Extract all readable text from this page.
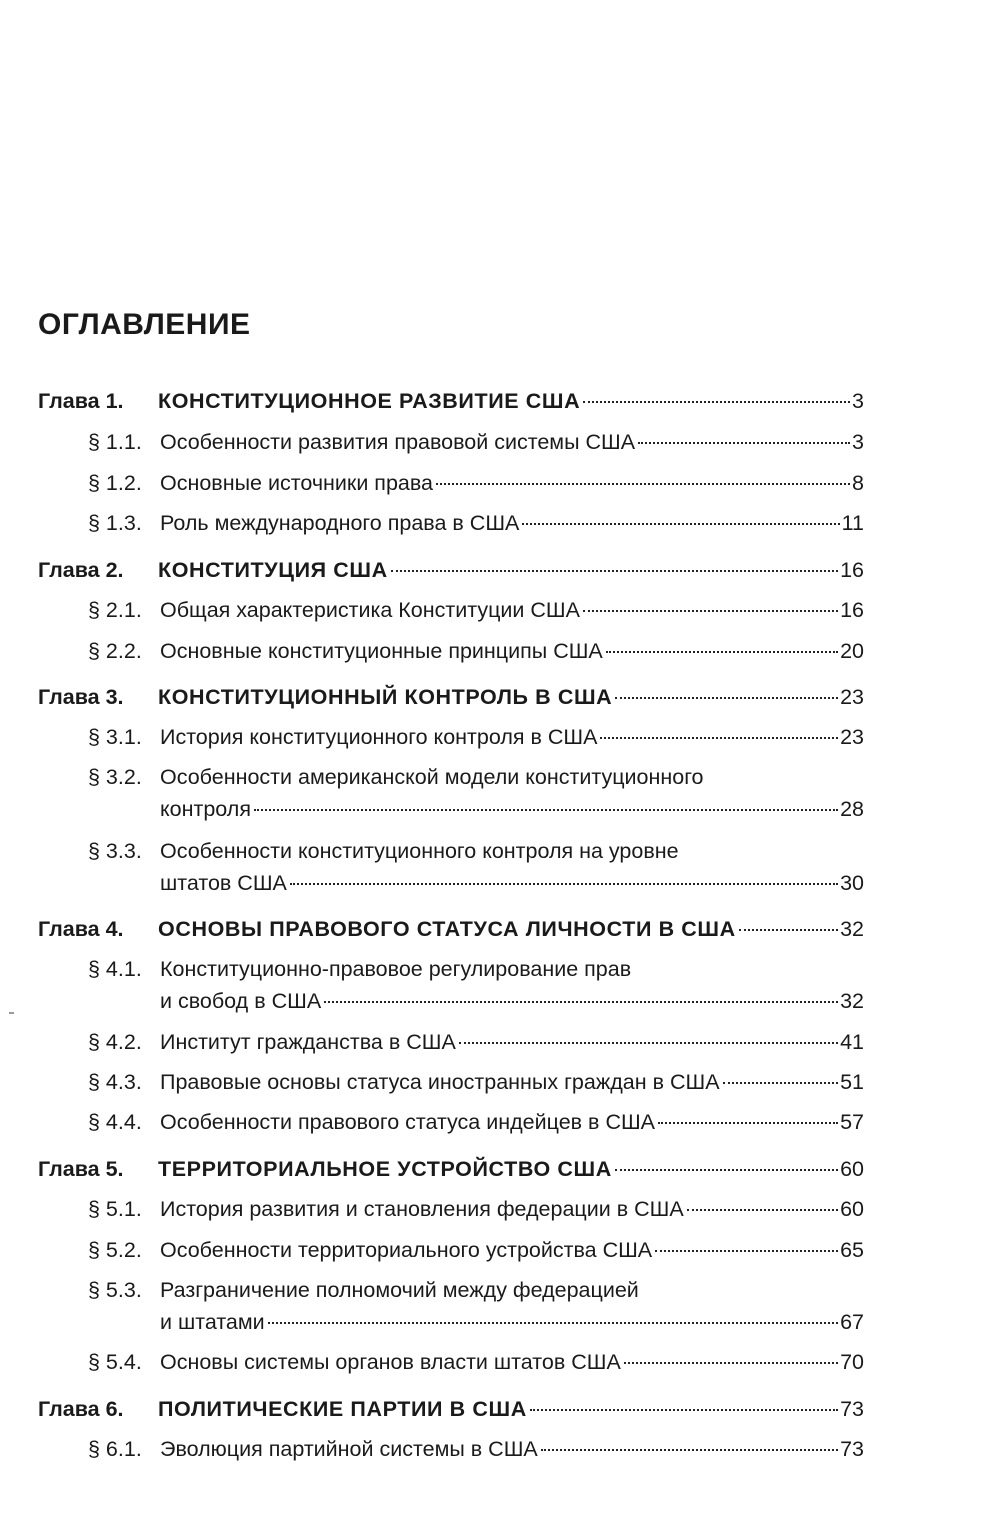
ОГЛАВЛЕНИЕ
Глава 1.	КОНСТИТУЦИОННОЕ РАЗВИТИЕ США	3
§ 1.1. Особенности развития правовой системы США	3
§ 1.2. Основные источники права	8
§ 1.3. Роль международного права в США	11
Глава 2.	КОНСТИТУЦИЯ США	16
§ 2.1. Общая характеристика Конституции США	16
§ 2.2. Основные конституционные принципы США	20
Глава 3.	КОНСТИТУЦИОННЫЙ КОНТРОЛЬ В США	23
§ 3.1. История конституционного контроля в США	23
§ 3.2. Особенности американской модели конституционного
контроля	28
§ 3.3. Особенности конституционного контроля на уровне
штатов США	30
Глава 4.	ОСНОВЫ ПРАВОВОГО СТАТУСА ЛИЧНОСТИ В США	32
§ 4.1. Конституционно-правовое регулирование прав
и свобод в США	32
§ 4.2. Институт гражданства в США	41
§ 4.3. Правовые основы статуса иностранных граждан в США	51
§ 4.4. Особенности правового статуса индейцев в США	57
Глава 5.	ТЕРРИТОРИАЛЬНОЕ УСТРОЙСТВО США	60
§ 5.1. История развития и становления федерации в США	60
§ 5.2. Особенности территориального устройства США	65
§ 5.3. Разграничение полномочий между федерацией
и штатами	67
§ 5.4. Основы системы органов власти штатов США	70
Глава 6.	ПОЛИТИЧЕСКИЕ ПАРТИИ В США	73
§ 6.1. Эволюция партийной системы в США	73
